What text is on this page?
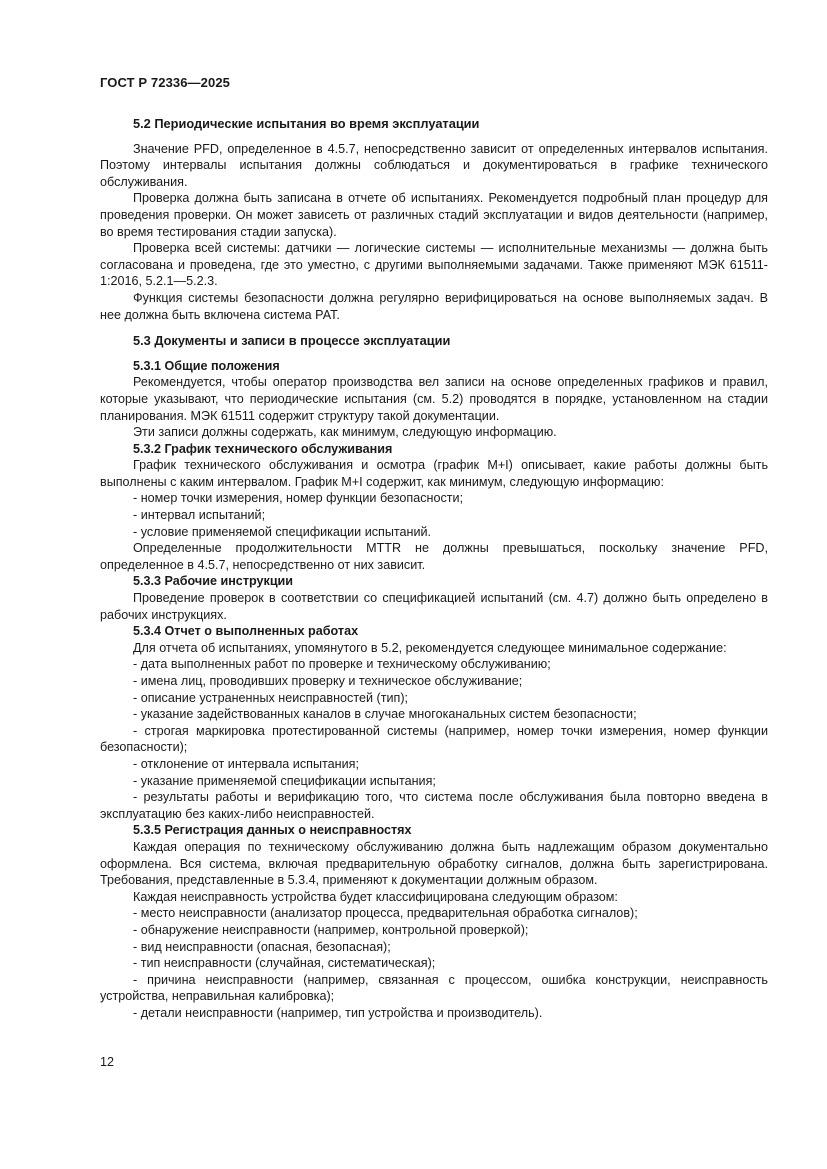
ГОСТ Р 72336—2025
5.2 Периодические испытания во время эксплуатации

Значение PFD, определенное в 4.5.7, непосредственно зависит от определенных интервалов испытания. Поэтому интервалы испытания должны соблюдаться и документироваться в графике технического обслуживания.

Проверка должна быть записана в отчете об испытаниях. Рекомендуется подробный план процедур для проведения проверки. Он может зависеть от различных стадий эксплуатации и видов деятельности (например, во время тестирования стадии запуска).

Проверка всей системы: датчики — логические системы — исполнительные механизмы — должна быть согласована и проведена, где это уместно, с другими выполняемыми задачами. Также применяют МЭК 61511-1:2016, 5.2.1—5.2.3.

Функция системы безопасности должна регулярно верифицироваться на основе выполняемых задач. В нее должна быть включена система РАТ.

5.3 Документы и записи в процессе эксплуатации
5.3.1 Общие положения

Рекомендуется, чтобы оператор производства вел записи на основе определенных графиков и правил, которые указывают, что периодические испытания (см. 5.2) проводятся в порядке, установленном на стадии планирования. МЭК 61511 содержит структуру такой документации.

Эти записи должны содержать, как минимум, следующую информацию.

5.3.2 График технического обслуживания

График технического обслуживания и осмотра (график М+I) описывает, какие работы должны быть выполнены с каким интервалом. График М+I содержит, как минимум, следующую информацию:

- номер точки измерения, номер функции безопасности;
- интервал испытаний;
- условие применяемой спецификации испытаний.

Определенные продолжительности MTTR не должны превышаться, поскольку значение PFD, определенное в 4.5.7, непосредственно от них зависит.

5.3.3 Рабочие инструкции

Проведение проверок в соответствии со спецификацией испытаний (см. 4.7) должно быть определено в рабочих инструкциях.

5.3.4 Отчет о выполненных работах

Для отчета об испытаниях, упомянутого в 5.2, рекомендуется следующее минимальное содержание:

- дата выполненных работ по проверке и техническому обслуживанию;
- имена лиц, проводивших проверку и техническое обслуживание;
- описание устраненных неисправностей (тип);
- указание задействованных каналов в случае многоканальных систем безопасности;
- строгая маркировка протестированной системы (например, номер точки измерения, номер функции безопасности);
- отклонение от интервала испытания;
- указание применяемой спецификации испытания;
- результаты работы и верификацию того, что система после обслуживания была повторно введена в эксплуатацию без каких-либо неисправностей.
5.3.5 Регистрация данных о неисправностях

Каждая операция по техническому обслуживанию должна быть надлежащим образом документально оформлена. Вся система, включая предварительную обработку сигналов, должна быть зарегистрирована. Требования, представленные в 5.3.4, применяют к документации должным образом.

Каждая неисправность устройства будет классифицирована следующим образом:

- место неисправности (анализатор процесса, предварительная обработка сигналов);
- обнаружение неисправности (например, контрольной проверкой);
- вид неисправности (опасная, безопасная);
- тип неисправности (случайная, систематическая);
- причина неисправности (например, связанная с процессом, ошибка конструкции, неисправность устройства, неправильная калибровка);
- детали неисправности (например, тип устройства и производитель).
12
